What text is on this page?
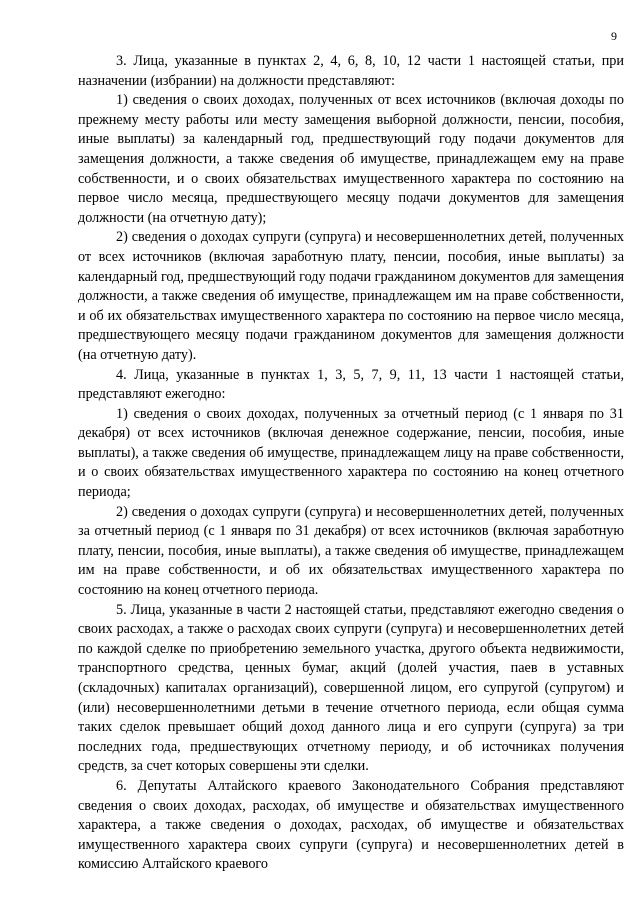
9

3. Лица, указанные в пунктах 2, 4, 6, 8, 10, 12 части 1 настоящей статьи, при назначении (избрании) на должности представляют:

1) сведения о своих доходах, полученных от всех источников (включая доходы по прежнему месту работы или месту замещения выборной должности, пенсии, пособия, иные выплаты) за календарный год, предшествующий году подачи документов для замещения должности, а также сведения об имуществе, принадлежащем ему на праве собственности, и о своих обязательствах имущественного характера по состоянию на первое число месяца, предшествующего месяцу подачи документов для замещения должности (на отчетную дату);

2) сведения о доходах супруги (супруга) и несовершеннолетних детей, полученных от всех источников (включая заработную плату, пенсии, пособия, иные выплаты) за календарный год, предшествующий году подачи гражданином документов для замещения должности, а также сведения об имуществе, принадлежащем им на праве собственности, и об их обязательствах имущественного характера по состоянию на первое число месяца, предшествующего месяцу подачи гражданином документов для замещения должности (на отчетную дату).

4. Лица, указанные в пунктах 1, 3, 5, 7, 9, 11, 13 части 1 настоящей статьи, представляют ежегодно:

1) сведения о своих доходах, полученных за отчетный период (с 1 января по 31 декабря) от всех источников (включая денежное содержание, пенсии, пособия, иные выплаты), а также сведения об имуществе, принадлежащем лицу на праве собственности, и о своих обязательствах имущественного характера по состоянию на конец отчетного периода;

2) сведения о доходах супруги (супруга) и несовершеннолетних детей, полученных за отчетный период (с 1 января по 31 декабря) от всех источников (включая заработную плату, пенсии, пособия, иные выплаты), а также сведения об имуществе, принадлежащем им на праве собственности, и об их обязательствах имущественного характера по состоянию на конец отчетного периода.

5. Лица, указанные в части 2 настоящей статьи, представляют ежегодно сведения о своих расходах, а также о расходах своих супруги (супруга) и несовершеннолетних детей по каждой сделке по приобретению земельного участка, другого объекта недвижимости, транспортного средства, ценных бумаг, акций (долей участия, паев в уставных (складочных) капиталах организаций), совершенной лицом, его супругой (супругом) и (или) несовершеннолетними детьми в течение отчетного периода, если общая сумма таких сделок превышает общий доход данного лица и его супруги (супруга) за три последних года, предшествующих отчетному периоду, и об источниках получения средств, за счет которых совершены эти сделки.

6. Депутаты Алтайского краевого Законодательного Собрания представляют сведения о своих доходах, расходах, об имуществе и обязательствах имущественного характера, а также сведения о доходах, расходах, об имуществе и обязательствах имущественного характера своих супруги (супруга) и несовершеннолетних детей в комиссию Алтайского краевого
